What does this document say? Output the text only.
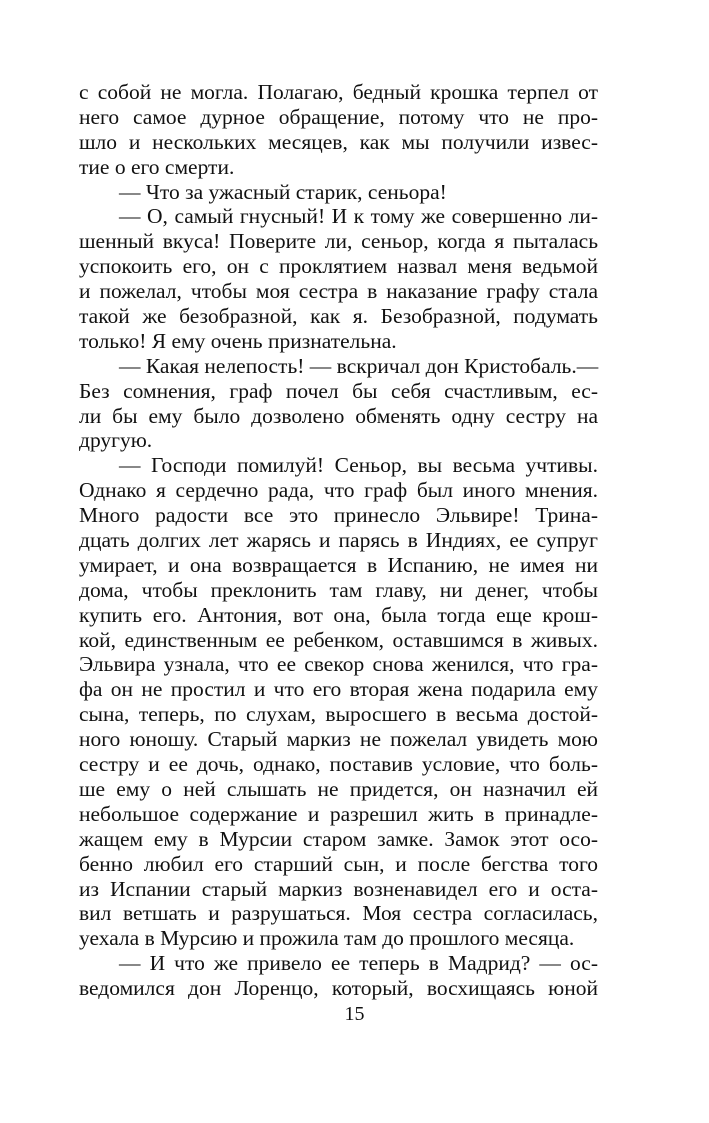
с собой не могла. Полагаю, бедный крошка терпел от
него самое дурное обращение, потому что не про-
шло и нескольких месяцев, как мы получили извес-
тие о его смерти.
— Что за ужасный старик, сеньора!
— О, самый гнусный! И к тому же совершенно ли-
шенный вкуса! Поверите ли, сеньор, когда я пыталась
успокоить его, он с проклятием назвал меня ведьмой
и пожелал, чтобы моя сестра в наказание графу стала
такой же безобразной, как я. Безобразной, подумать
только! Я ему очень признательна.
— Какая нелепость! — вскричал дон Кристобаль.—
Без сомнения, граф почел бы себя счастливым, ес-
ли бы ему было дозволено обменять одну сестру на
другую.
— Господи помилуй! Сеньор, вы весьма учтивы.
Однако я сердечно рада, что граф был иного мнения.
Много радости все это принесло Эльвире! Трина-
дцать долгих лет жарясь и парясь в Индиях, ее супруг
умирает, и она возвращается в Испанию, не имея ни
дома, чтобы преклонить там главу, ни денег, чтобы
купить его. Антония, вот она, была тогда еще крош-
кой, единственным ее ребенком, оставшимся в живых.
Эльвира узнала, что ее свекор снова женился, что гра-
фа он не простил и что его вторая жена подарила ему
сына, теперь, по слухам, выросшего в весьма достой-
ного юношу. Старый маркиз не пожелал увидеть мою
сестру и ее дочь, однако, поставив условие, что боль-
ше ему о ней слышать не придется, он назначил ей
небольшое содержание и разрешил жить в принадле-
жащем ему в Мурсии старом замке. Замок этот осо-
бенно любил его старший сын, и после бегства того
из Испании старый маркиз возненавидел его и оста-
вил ветшать и разрушаться. Моя сестра согласилась,
уехала в Мурсию и прожила там до прошлого месяца.
— И что же привело ее теперь в Мадрид? — ос-
ведомился дон Лоренцо, который, восхищаясь юной
15
